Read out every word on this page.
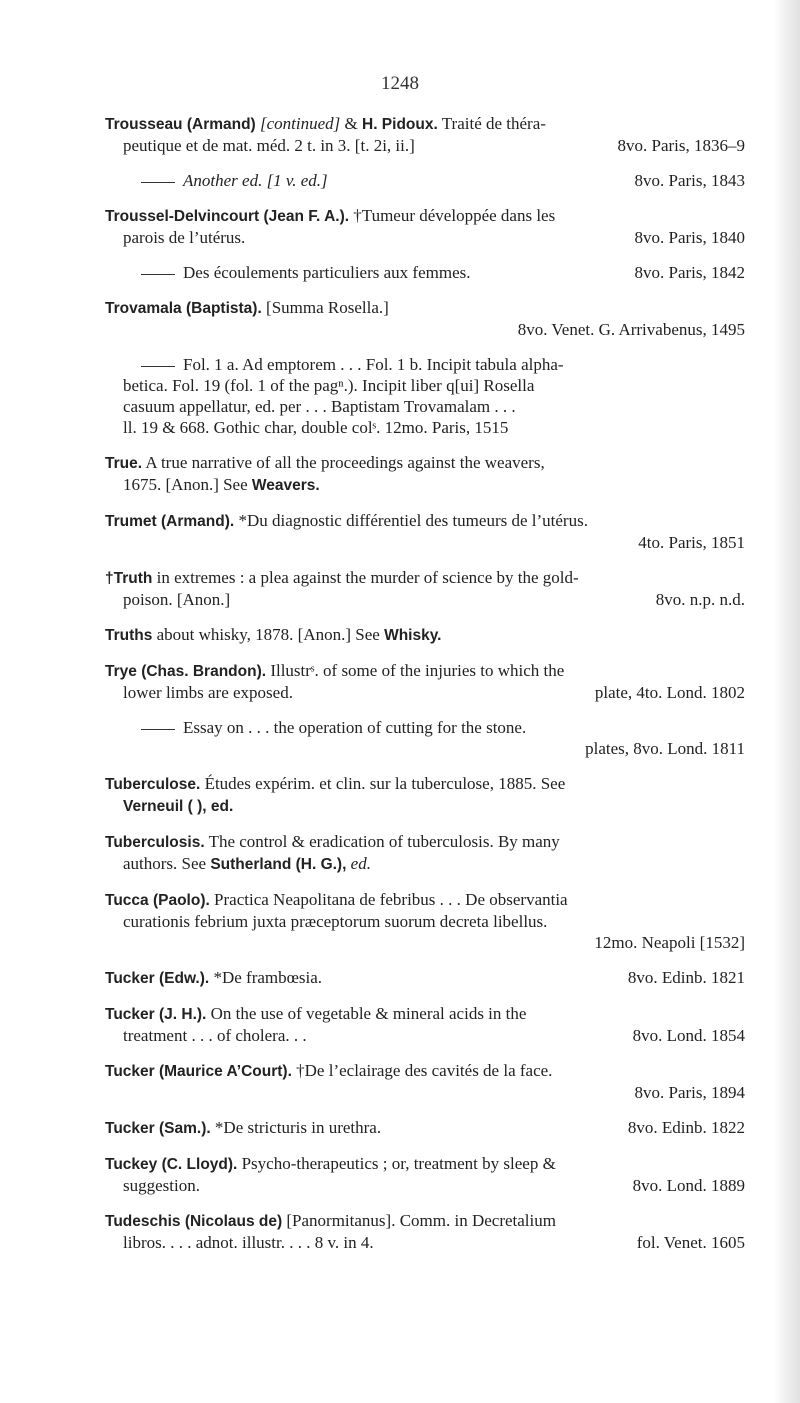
1248
Trousseau (Armand) [continued] & H. Pidoux. Traité de théra-
peutique et de mat. méd. 2 t. in 3. [t. 2i, ii.]	8vo. Paris, 1836–9
Another ed. [1 v. ed.]	8vo. Paris, 1843
Troussel-Delvincourt (Jean F. A.). †Tumeur développée dans les
parois de l’utérus.	8vo. Paris, 1840
Des écoulements particuliers aux femmes.	8vo. Paris, 1842
Trovamala (Baptista). [Summa Rosella.]
8vo. Venet. G. Arrivabenus, 1495
Fol. 1 a. Ad emptorem . . . Fol. 1 b. Incipit tabula alpha-
betica. Fol. 19 (fol. 1 of the pagⁿ.). Incipit liber q[ui] Rosella
casuum appellatur, ed. per . . . Baptistam Trovamalam . . .
ll. 19 & 668. Gothic char, double colˢ. 12mo. Paris, 1515
True. A true narrative of all the proceedings against the weavers,
1675. [Anon.] See Weavers.
Trumet (Armand). *Du diagnostic différentiel des tumeurs de l’utérus.
4to. Paris, 1851
†Truth in extremes : a plea against the murder of science by the gold-
poison. [Anon.]	8vo. n.p. n.d.
Truths about whisky, 1878. [Anon.] See Whisky.
Trye (Chas. Brandon). Illustrˢ. of some of the injuries to which the
lower limbs are exposed.	plate, 4to. Lond. 1802
Essay on . . . the operation of cutting for the stone.
plates, 8vo. Lond. 1811
Tuberculose. Études expérim. et clin. sur la tuberculose, 1885. See
Verneuil ( ), ed.
Tuberculosis. The control & eradication of tuberculosis. By many
authors. See Sutherland (H. G.), ed.
Tucca (Paolo). Practica Neapolitana de febribus . . . De observantia
curationis febrium juxta præceptorum suorum decreta libellus.
12mo. Neapoli [1532]
Tucker (Edw.). *De frambœsia.	8vo. Edinb. 1821
Tucker (J. H.). On the use of vegetable & mineral acids in the
treatment . . . of cholera. . .	8vo. Lond. 1854
Tucker (Maurice A’Court). †De l’eclairage des cavités de la face.
8vo. Paris, 1894
Tucker (Sam.). *De stricturis in urethra.	8vo. Edinb. 1822
Tuckey (C. Lloyd). Psycho-therapeutics ; or, treatment by sleep &
suggestion.	8vo. Lond. 1889
Tudeschis (Nicolaus de) [Panormitanus]. Comm. in Decretalium
libros. . . . adnot. illustr. . . . 8 v. in 4.	fol. Venet. 1605
